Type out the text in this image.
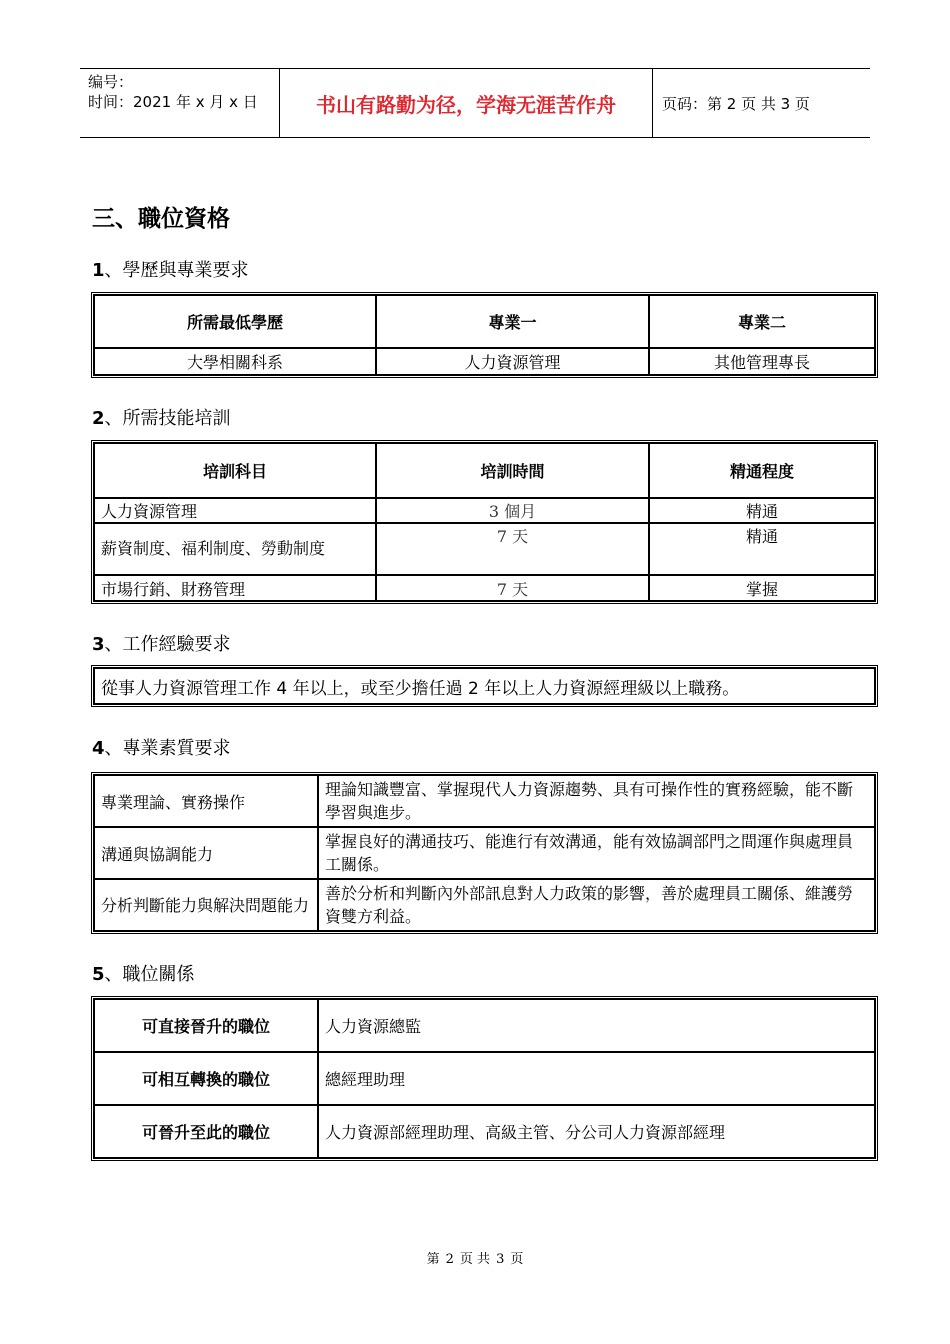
编号：
时间：2021 年 x 月 x 日	书山有路勤为径，学海无涯苦作舟	页码：第 2 页 共 3 页
三、職位資格
1、學歷與專業要求
所需最低學歷	專業一	專業二
大學相關科系	人力資源管理	其他管理專長
2、所需技能培訓
培訓科目	培訓時間	精通程度
人力資源管理	3 個月	精通
薪資制度、福利制度、勞動制度	7 天	精通
市場行銷、財務管理	7 天	掌握
3、工作經驗要求
從事人力資源管理工作 4 年以上，或至少擔任過 2 年以上人力資源經理級以上職務。
4、專業素質要求
專業理論、實務操作	理論知識豐富、掌握現代人力資源趨勢、具有可操作性的實務經驗，能不斷學習與進步。
溝通與協調能力	掌握良好的溝通技巧、能進行有效溝通，能有效協調部門之間運作與處理員工關係。
分析判斷能力與解決問題能力	善於分析和判斷內外部訊息對人力政策的影響，善於處理員工關係、維護勞資雙方利益。
5、職位關係
可直接晉升的職位	人力資源總監
可相互轉換的職位	總經理助理
可晉升至此的職位	人力資源部經理助理、高級主管、分公司人力資源部經理
第 2 页 共 3 页
